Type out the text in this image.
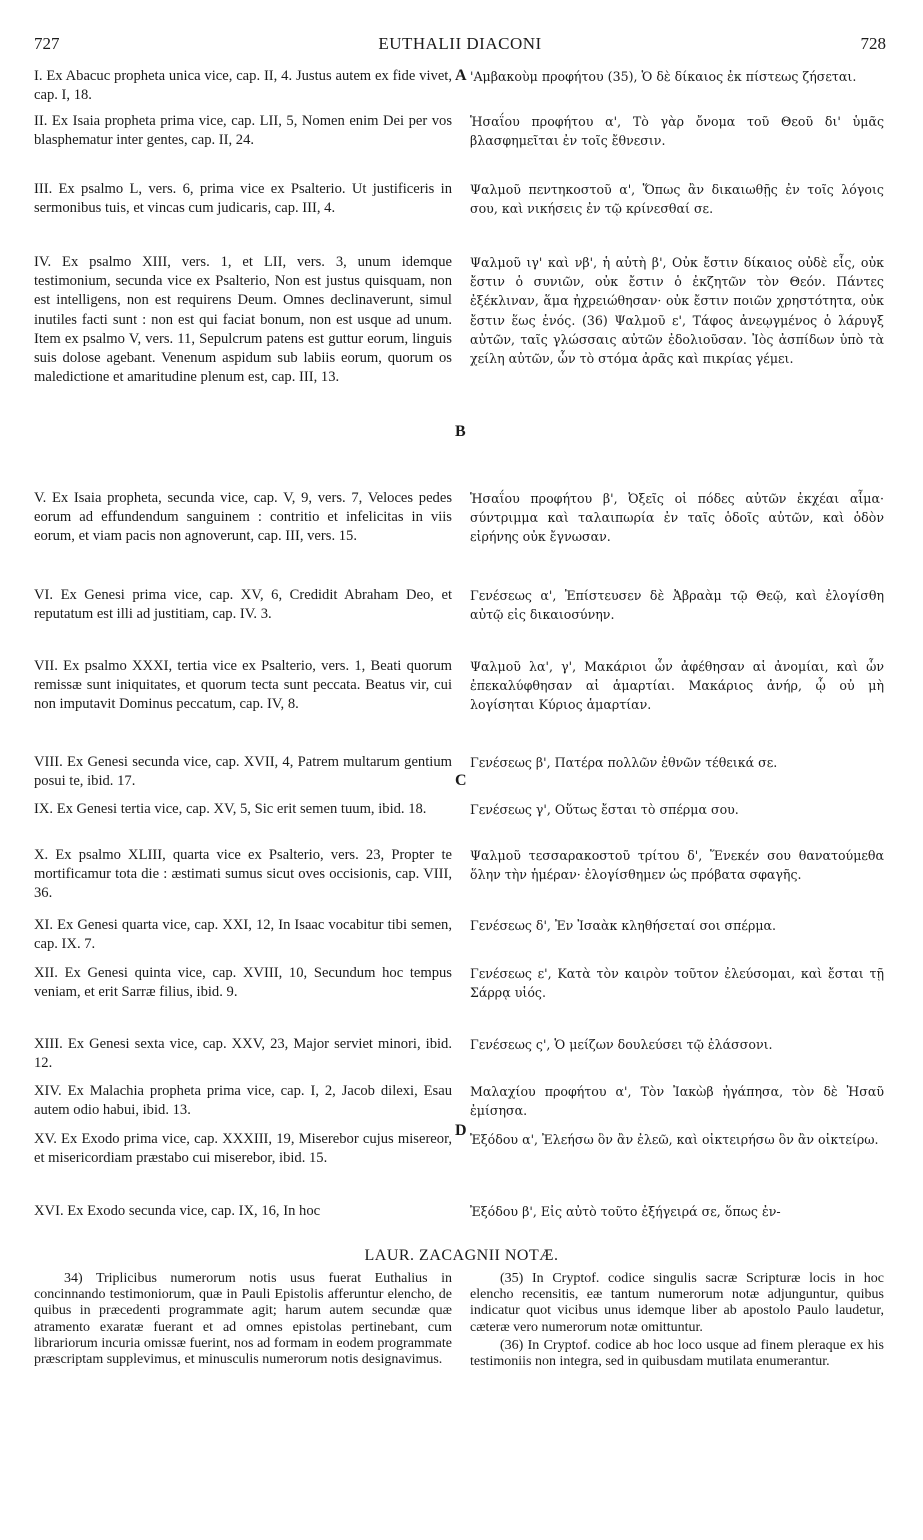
727	EUTHALII DIACONI	728
I. Ex Abacuc propheta unica vice, cap. II, 4. Justus autem ex fide vivet, cap. I, 18.
II. Ex Isaia propheta prima vice, cap. LII, 5, Nomen enim Dei per vos blasphematur inter gentes, cap. II, 24.
III. Ex psalmo L, vers. 6, prima vice ex Psalterio. Ut justificeris in sermonibus tuis, et vincas cum judicaris, cap. III, 4.
IV. Ex psalmo XIII, vers. 1, et LII, vers. 3, unum idemque testimonium, secunda vice ex Psalterio, Non est justus quisquam, non est intelligens, non est requirens Deum. Omnes declinaverunt, simul inutiles facti sunt : non est qui faciat bonum, non est usque ad unum. Item ex psalmo V, vers. 11, Sepulcrum patens est guttur eorum, linguis suis dolose agebant. Venenum aspidum sub labiis eorum, quorum os maledictione et amaritudine plenum est, cap. III, 13.
V. Ex Isaia propheta, secunda vice, cap. V, 9, vers. 7, Veloces pedes eorum ad effundendum sanguinem : contritio et infelicitas in viis eorum, et viam pacis non agnoverunt, cap. III, vers. 15.
VI. Ex Genesi prima vice, cap. XV, 6, Credidit Abraham Deo, et reputatum est illi ad justitiam, cap. IV. 3.
VII. Ex psalmo XXXI, tertia vice ex Psalterio, vers. 1, Beati quorum remissæ sunt iniquitates, et quorum tecta sunt peccata. Beatus vir, cui non imputavit Dominus peccatum, cap. IV, 8.
VIII. Ex Genesi secunda vice, cap. XVII, 4, Patrem multarum gentium posui te, ibid. 17.
IX. Ex Genesi tertia vice, cap. XV, 5, Sic erit semen tuum, ibid. 18.
X. Ex psalmo XLIII, quarta vice ex Psalterio, vers. 23, Propter te mortificamur tota die : æstimati sumus sicut oves occisionis, cap. VIII, 36.
XI. Ex Genesi quarta vice, cap. XXI, 12, In Isaac vocabitur tibi semen, cap. IX. 7.
XII. Ex Genesi quinta vice, cap. XVIII, 10, Secundum hoc tempus veniam, et erit Sarræ filius, ibid. 9.
XIII. Ex Genesi sexta vice, cap. XXV, 23, Major serviet minori, ibid. 12.
XIV. Ex Malachia propheta prima vice, cap. I, 2, Jacob dilexi, Esau autem odio habui, ibid. 13.
XV. Ex Exodo prima vice, cap. XXXIII, 19, Miserebor cujus misereor, et misericordiam præstabo cui miserebor, ibid. 15.
XVI. Ex Exodo secunda vice, cap. IX, 16, In hoc
A
B
C
D
'Αμβακοὺμ προφήτου (35), Ὁ δὲ δίκαιος ἐκ πίστεως ζήσεται.
Ἡσαΐου προφήτου α', Τὸ γὰρ ὄνομα τοῦ Θεοῦ δι' ὑμᾶς βλασφημεῖται ἐν τοῖς ἔθνεσιν.
Ψαλμοῦ πεντηκοστοῦ α', Ὅπως ἂν δικαιωθῇς ἐν τοῖς λόγοις σου, καὶ νικήσεις ἐν τῷ κρίνεσθαί σε.
Ψαλμοῦ ιγ' καὶ νβ', ἡ αὐτὴ β', Οὐκ ἔστιν δίκαιος οὐδὲ εἷς, οὐκ ἔστιν ὁ συνιῶν, οὐκ ἔστιν ὁ ἐκζητῶν τὸν Θεόν. Πάντες ἐξέκλιναν, ἅμα ἠχρειώθησαν· οὐκ ἔστιν ποιῶν χρηστότητα, οὐκ ἔστιν ἕως ἑνός. (36) Ψαλμοῦ ε', Τάφος ἀνεῳγμένος ὁ λάρυγξ αὐτῶν, ταῖς γλώσσαις αὐτῶν ἐδολιοῦσαν. Ἰὸς ἀσπίδων ὑπὸ τὰ χείλη αὐτῶν, ὧν τὸ στόμα ἀρᾶς καὶ πικρίας γέμει.
Ἡσαΐου προφήτου β', Ὀξεῖς οἱ πόδες αὐτῶν ἐκχέαι αἷμα· σύντριμμα καὶ ταλαιπωρία ἐν ταῖς ὁδοῖς αὐτῶν, καὶ ὁδὸν εἰρήνης οὐκ ἔγνωσαν.
Γενέσεως α', Ἐπίστευσεν δὲ Ἀβραὰμ τῷ Θεῷ, καὶ ἐλογίσθη αὐτῷ εἰς δικαιοσύνην.
Ψαλμοῦ λα', γ', Μακάριοι ὧν ἀφέθησαν αἱ ἀνομίαι, καὶ ὧν ἐπεκαλύφθησαν αἱ ἁμαρτίαι. Μακάριος ἀνήρ, ᾧ οὐ μὴ λογίσηται Κύριος ἁμαρτίαν.
Γενέσεως β', Πατέρα πολλῶν ἐθνῶν τέθεικά σε.
Γενέσεως γ', Οὕτως ἔσται τὸ σπέρμα σου.
Ψαλμοῦ τεσσαρακοστοῦ τρίτου δ', Ἕνεκέν σου θανατούμεθα ὅλην τὴν ἡμέραν· ἐλογίσθημεν ὡς πρόβατα σφαγῆς.
Γενέσεως δ', Ἐν Ἰσαὰκ κληθήσεταί σοι σπέρμα.
Γενέσεως ε', Κατὰ τὸν καιρὸν τοῦτον ἐλεύσομαι, καὶ ἔσται τῇ Σάρρᾳ υἱός.
Γενέσεως ς', Ὁ μείζων δουλεύσει τῷ ἐλάσσονι.
Μαλαχίου προφήτου α', Τὸν Ἰακὼβ ἠγάπησα, τὸν δὲ Ἠσαῦ ἐμίσησα.
Ἐξόδου α', Ἐλεήσω ὃν ἂν ἐλεῶ, καὶ οἰκτειρήσω ὃν ἂν οἰκτείρω.
Ἐξόδου β', Εἰς αὐτὸ τοῦτο ἐξήγειρά σε, ὅπως ἐν-
LAUR. ZACAGNII NOTÆ.

34) Triplicibus numerorum notis usus fuerat Euthalius in concinnando testimoniorum, quæ in Pauli Epistolis afferuntur elencho, de quibus in præcedenti programmate agit; harum autem secundæ quæ atramento exaratæ fuerant et ad omnes epistolas pertinebant, cum librariorum incuria omissæ fuerint, nos ad formam in eodem programmate præscriptam supplevimus, et minusculis numerorum notis designavimus.

(35) In Cryptof. codice singulis sacræ Scripturæ locis in hoc elencho recensitis, eæ tantum numerorum notæ adjunguntur, quibus indicatur quot vicibus unus idemque liber ab apostolo Paulo laudetur, cæteræ vero numerorum notæ omittuntur.

(36) In Cryptof. codice ab hoc loco usque ad finem pleraque ex his testimoniis non integra, sed in quibusdam mutilata enumerantur.
